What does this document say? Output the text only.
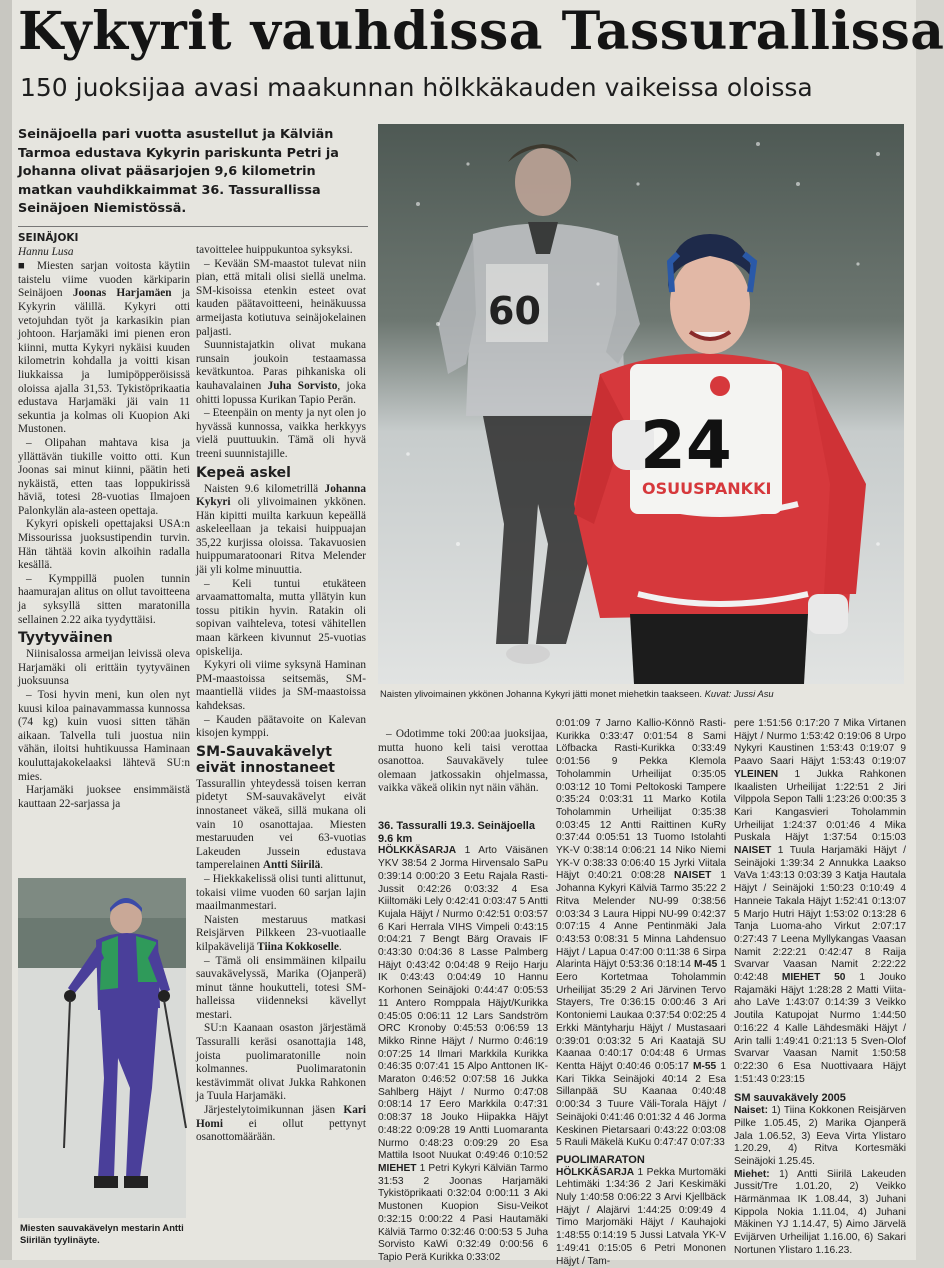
Kykyrit vauhdissa Tassurallissa
150 juoksijaa avasi maakunnan hölkkäkauden vaikeissa oloissa
Seinäjoella pari vuotta asustellut ja Kälviän Tarmoa edustava Kykyrin pariskunta Petri ja Johanna olivat pääsarjojen 9,6 kilometrin matkan vauhdikkaimmat 36. Tassurallissa Seinäjoen Niemistössä.
SEINÄJOKI
Hannu Lusa

■ Miesten sarjan voitosta käytiin taistelu viime vuoden kärkiparin Seinäjoen Joonas Harjamäen ja Kykyrin välillä. Kykyri otti vetojuhdan työt ja karkasikin pian johtoon. Harjamäki imi pienen eron kiinni, mutta Kykyri nykäisi kuuden kilometrin kohdalla ja voitti kisan liukkaissa ja lumipöpperöisissä oloissa ajalla 31,53. Tykistöprikaatia edustava Harjamäki jäi vain 11 sekuntia ja kolmas oli Kuopion Aki Mustonen.

– Olipahan mahtava kisa ja yllättävän tiukille voitto otti. Kun Joonas sai minut kiinni, päätin heti nykäistä, etten taas loppukirissä häviä, totesi 28-vuotias Ilmajoen Palonkylän ala-asteen opettaja.

Kykyri opiskeli opettajaksi USA:n Missourissa juoksustipendin turvin. Hän tähtää kovin alkoihin radalla kesällä.

– Kymppillä puolen tunnin haamurajan alitus on ollut tavoitteena ja syksyllä sitten maratonilla sellainen 2.22 aika tyydyttäisi.

Tyytyväinen

Niinisalossa armeijan leivissä oleva Harjamäki oli erittäin tyytyväinen juoksuunsa

– Tosi hyvin meni, kun olen nyt kuusi kiloa painavammassa kunnossa (74 kg) kuin vuosi sitten tähän aikaan. Talvella tuli juostua niin vähän, iloitsi huhtikuussa Haminaan kouluttajakokelaaksi lähtevä SU:n mies.

Harjamäki juoksee ensimmäistä kauttaan 22-sarjassa ja

Miesten sauvakävelyn mestarin Antti Siirilän tyylinäyte.

tavoittelee huippukuntoa syksyksi.

– Kevään SM-maastot tulevat niin pian, että mitali olisi siellä unelma. SM-kisoissa etenkin esteet ovat kauden päätavoitteeni, heinäkuussa armeijasta kotiutuva seinäjokelainen paljasti.

Suunnistajatkin olivat mukana runsain joukoin testaamassa kevätkuntoa. Paras pihkaniska oli kauhavalainen Juha Sorvisto, joka ohitti lopussa Kurikan Tapio Perän.

– Eteenpäin on menty ja nyt olen jo hyvässä kunnossa, vaikka herkkyys vielä puuttuukin. Tämä oli hyvä treeni suunnistajille.

Kepeä askel

Naisten 9.6 kilometrillä Johanna Kykyri oli ylivoimainen ykkönen. Hän kipitti muilta karkuun kepeällä askeleellaan ja tekaisi huippuajan 35,22 kurjissa oloissa. Takavuosien huippumaratoonari Ritva Melender jäi yli kolme minuuttia.

– Keli tuntui etukäteen arvaamattomalta, mutta yllätyin kun tossu pitikin hyvin. Ratakin oli sopivan vaihteleva, totesi vähitellen maan kärkeen kivunnut 25-vuotias opiskelija.

Kykyri oli viime syksynä Haminan PM-maastoissa seitsemäs, SM-maantiellä viides ja SM-maastoissa kahdeksas.

– Kauden päätavoite on Kalevan kisojen kymppi.

SM-Sauvakävelyt eivät innostaneet

Tassurallin yhteydessä toisen kerran pidetyt SM-sauvakävelyt eivät innostaneet väkeä, sillä mukana oli vain 10 osanottajaa. Miesten mestaruuden vei 63-vuotias Lakeuden Jussein edustava tamperelainen Antti Siirilä.

– Hiekkakelissä olisi tunti alittunut, tokaisi viime vuoden 60 sarjan lajin maailmanmestari.

Naisten mestaruus matkasi Reisjärven Pilkkeen 23-vuotiaalle kilpakävelijä Tiina Kokkoselle.

– Tämä oli ensimmäinen kilpailu sauvakävelyssä, Marika (Ojanperä) minut tänne houkutteli, totesi SM-halleissa viidenneksi kävellyt mestari.

SU:n Kaanaan osaston järjestämä Tassuralli keräsi osanottajia 148, joista puolimaratonille noin kolmannes. Puolimaratonin kestävimmät olivat Jukka Rahkonen ja Tuula Harjamäki.

Järjestelytoimikunnan jäsen Kari Homi ei ollut pettynyt osanottomäärään.

60
24
OSUUSPANKKI
Naisten ylivoimainen ykkönen Johanna Kykyri jätti monet miehetkin taakseen. Kuvat: Jussi Asu

– Odotimme toki 200:aa juoksijaa, mutta huono keli taisi verottaa osanottoa. Sauvakävely tulee olemaan jatkossakin ohjelmassa, vaikka väkeä olikin nyt näin vähän.

36. Tassuralli 19.3. Seinäjoella

9.6 km

HÖLKKÄSARJA 1 Arto Väisänen YKV 38:54 2 Jorma Hirvensalo SaPu 0:39:14 0:00:20 3 Eetu Rajala Rasti-Jussit 0:42:26 0:03:32 4 Esa Kiiltomäki Lely 0:42:41 0:03:47 5 Antti Kujala Häjyt / Nurmo 0:42:51 0:03:57 6 Kari Herrala VIHS Vimpeli 0:43:15 0:04:21 7 Bengt Bärg Oravais IF 0:43:30 0:04:36 8 Lasse Palmberg Häjyt 0:43:42 0:04:48 9 Reijo Harju IK 0:43:43 0:04:49 10 Hannu Korhonen Seinäjoki 0:44:47 0:05:53 11 Antero Romppala Häjyt/Kurikka 0:45:05 0:06:11 12 Lars Sandström ORC Kronoby 0:45:53 0:06:59 13 Mikko Rinne Häjyt / Nurmo 0:46:19 0:07:25 14 Ilmari Markkila Kurikka 0:46:35 0:07:41 15 Alpo Anttonen IK-Maraton 0:46:52 0:07:58 16 Jukka Sahlberg Häjyt / Nurmo 0:47:08 0:08:14 17 Eero Markkila 0:47:31 0:08:37 18 Jouko Hiipakka Häjyt 0:48:22 0:09:28 19 Antti Luomaranta Nurmo 0:48:23 0:09:29 20 Esa Mattila Isoot Nuukat 0:49:46 0:10:52 MIEHET 1 Petri Kykyri Kälviän Tarmo 31:53 2 Joonas Harjamäki Tykistöprikaati 0:32:04 0:00:11 3 Aki Mustonen Kuopion Sisu-Veikot 0:32:15 0:00:22 4 Pasi Hautamäki Kälviä Tarmo 0:32:46 0:00:53 5 Juha Sorvisto KaWi 0:32:49 0:00:56 6 Tapio Perä Kurikka 0:33:02

0:01:09 7 Jarno Kallio-Könnö Rasti-Kurikka 0:33:47 0:01:54 8 Sami Löfbacka Rasti-Kurikka 0:33:49 0:01:56 9 Pekka Klemola Toholammin Urheilijat 0:35:05 0:03:12 10 Tomi Peltokoski Tampere 0:35:24 0:03:31 11 Marko Kotila Toholammin Urheilijat 0:35:38 0:03:45 12 Antti Raittinen KuRy 0:37:44 0:05:51 13 Tuomo Istolahti YK-V 0:38:14 0:06:21 14 Niko Niemi YK-V 0:38:33 0:06:40 15 Jyrki Viitala Häjyt 0:40:21 0:08:28 NAISET 1 Johanna Kykyri Kälviä Tarmo 35:22 2 Ritva Melender NU-99 0:38:56 0:03:34 3 Laura Hippi NU-99 0:42:37 0:07:15 4 Anne Pentinmäki Jala 0:43:53 0:08:31 5 Minna Lahdensuo Häjyt / Lapua 0:47:00 0:11:38 6 Sirpa Alarinta Häjyt 0:53:36 0:18:14 M-45 1 Eero Kortetmaa Toholammin Urheilijat 35:29 2 Ari Järvinen Tervo Stayers, Tre 0:36:15 0:00:46 3 Ari Kontoniemi Laukaa 0:37:54 0:02:25 4 Erkki Mäntyharju Häjyt / Mustasaari 0:39:01 0:03:32 5 Ari Kaatajä SU Kaanaa 0:40:17 0:04:48 6 Urmas Kentta Häjyt 0:40:46 0:05:17 M-55 1 Kari Tikka Seinäjoki 40:14 2 Esa Sillanpää SU Kaanaa 0:40:48 0:00:34 3 Tuure Väli-Torala Häjyt / Seinäjoki 0:41:46 0:01:32 4 46 Jorma Keskinen Pietarsaari 0:43:22 0:03:08 5 Rauli Mäkelä KuKu 0:47:47 0:07:33

PUOLIMARATON

HÖLKKÄSARJA 1 Pekka Murtomäki Lehtimäki 1:34:36 2 Jari Keskimäki Nuly 1:40:58 0:06:22 3 Arvi Kjellbäck Häjyt / Alajärvi 1:44:25 0:09:49 4 Timo Marjomäki Häjyt / Kauhajoki 1:48:55 0:14:19 5 Jussi Latvala YK-V 1:49:41 0:15:05 6 Petri Mononen Häjyt / Tam-

pere 1:51:56 0:17:20 7 Mika Virtanen Häjyt / Nurmo 1:53:42 0:19:06 8 Urpo Nykyri Kaustinen 1:53:43 0:19:07 9 Paavo Saari Häjyt 1:53:43 0:19:07 YLEINEN 1 Jukka Rahkonen Ikaalisten Urheilijat 1:22:51 2 Jiri Vilppola Sepon Talli 1:23:26 0:00:35 3 Kari Kangasvieri Toholammin Urheilijat 1:24:37 0:01:46 4 Mika Puskala Häjyt 1:37:54 0:15:03 NAISET 1 Tuula Harjamäki Häjyt / Seinäjoki 1:39:34 2 Annukka Laakso VaVa 1:43:13 0:03:39 3 Katja Hautala Häjyt / Seinäjoki 1:50:23 0:10:49 4 Hanneie Takala Häjyt 1:52:41 0:13:07 5 Marjo Hutri Häjyt 1:53:02 0:13:28 6 Tanja Luoma-aho Virkut 2:07:17 0:27:43 7 Leena Myllykangas Vaasan Namit 2:22:21 0:42:47 8 Raija Svarvar Vaasan Namit 2:22:22 0:42:48 MIEHET 50 1 Jouko Rajamäki Häjyt 1:28:28 2 Matti Viita-aho LaVe 1:43:07 0:14:39 3 Veikko Joutila Katupojat Nurmo 1:44:50 0:16:22 4 Kalle Lähdesmäki Häjyt / Arin talli 1:49:41 0:21:13 5 Sven-Olof Svarvar Vaasan Namit 1:50:58 0:22:30 6 Esa Nuottivaara Häjyt 1:51:43 0:23:15

SM sauvakävely 2005

Naiset: 1) Tiina Kokkonen Reisjärven Pilke 1.05.45, 2) Marika Ojanperä Jala 1.06.52, 3) Eeva Virta Ylistaro 1.20.29, 4) Ritva Kortesmäki Seinäjoki 1.25.45.

Miehet: 1) Antti Siirilä Lakeuden Jussit/Tre 1.01.20, 2) Veikko Härmänmaa IK 1.08.44, 3) Juhani Kippola Nokia 1.11.04, 4) Juhani Mäkinen YJ 1.14.47, 5) Aimo Järvelä Evijärven Urheilijat 1.16.00, 6) Sakari Nortunen Ylistaro 1.16.23.
